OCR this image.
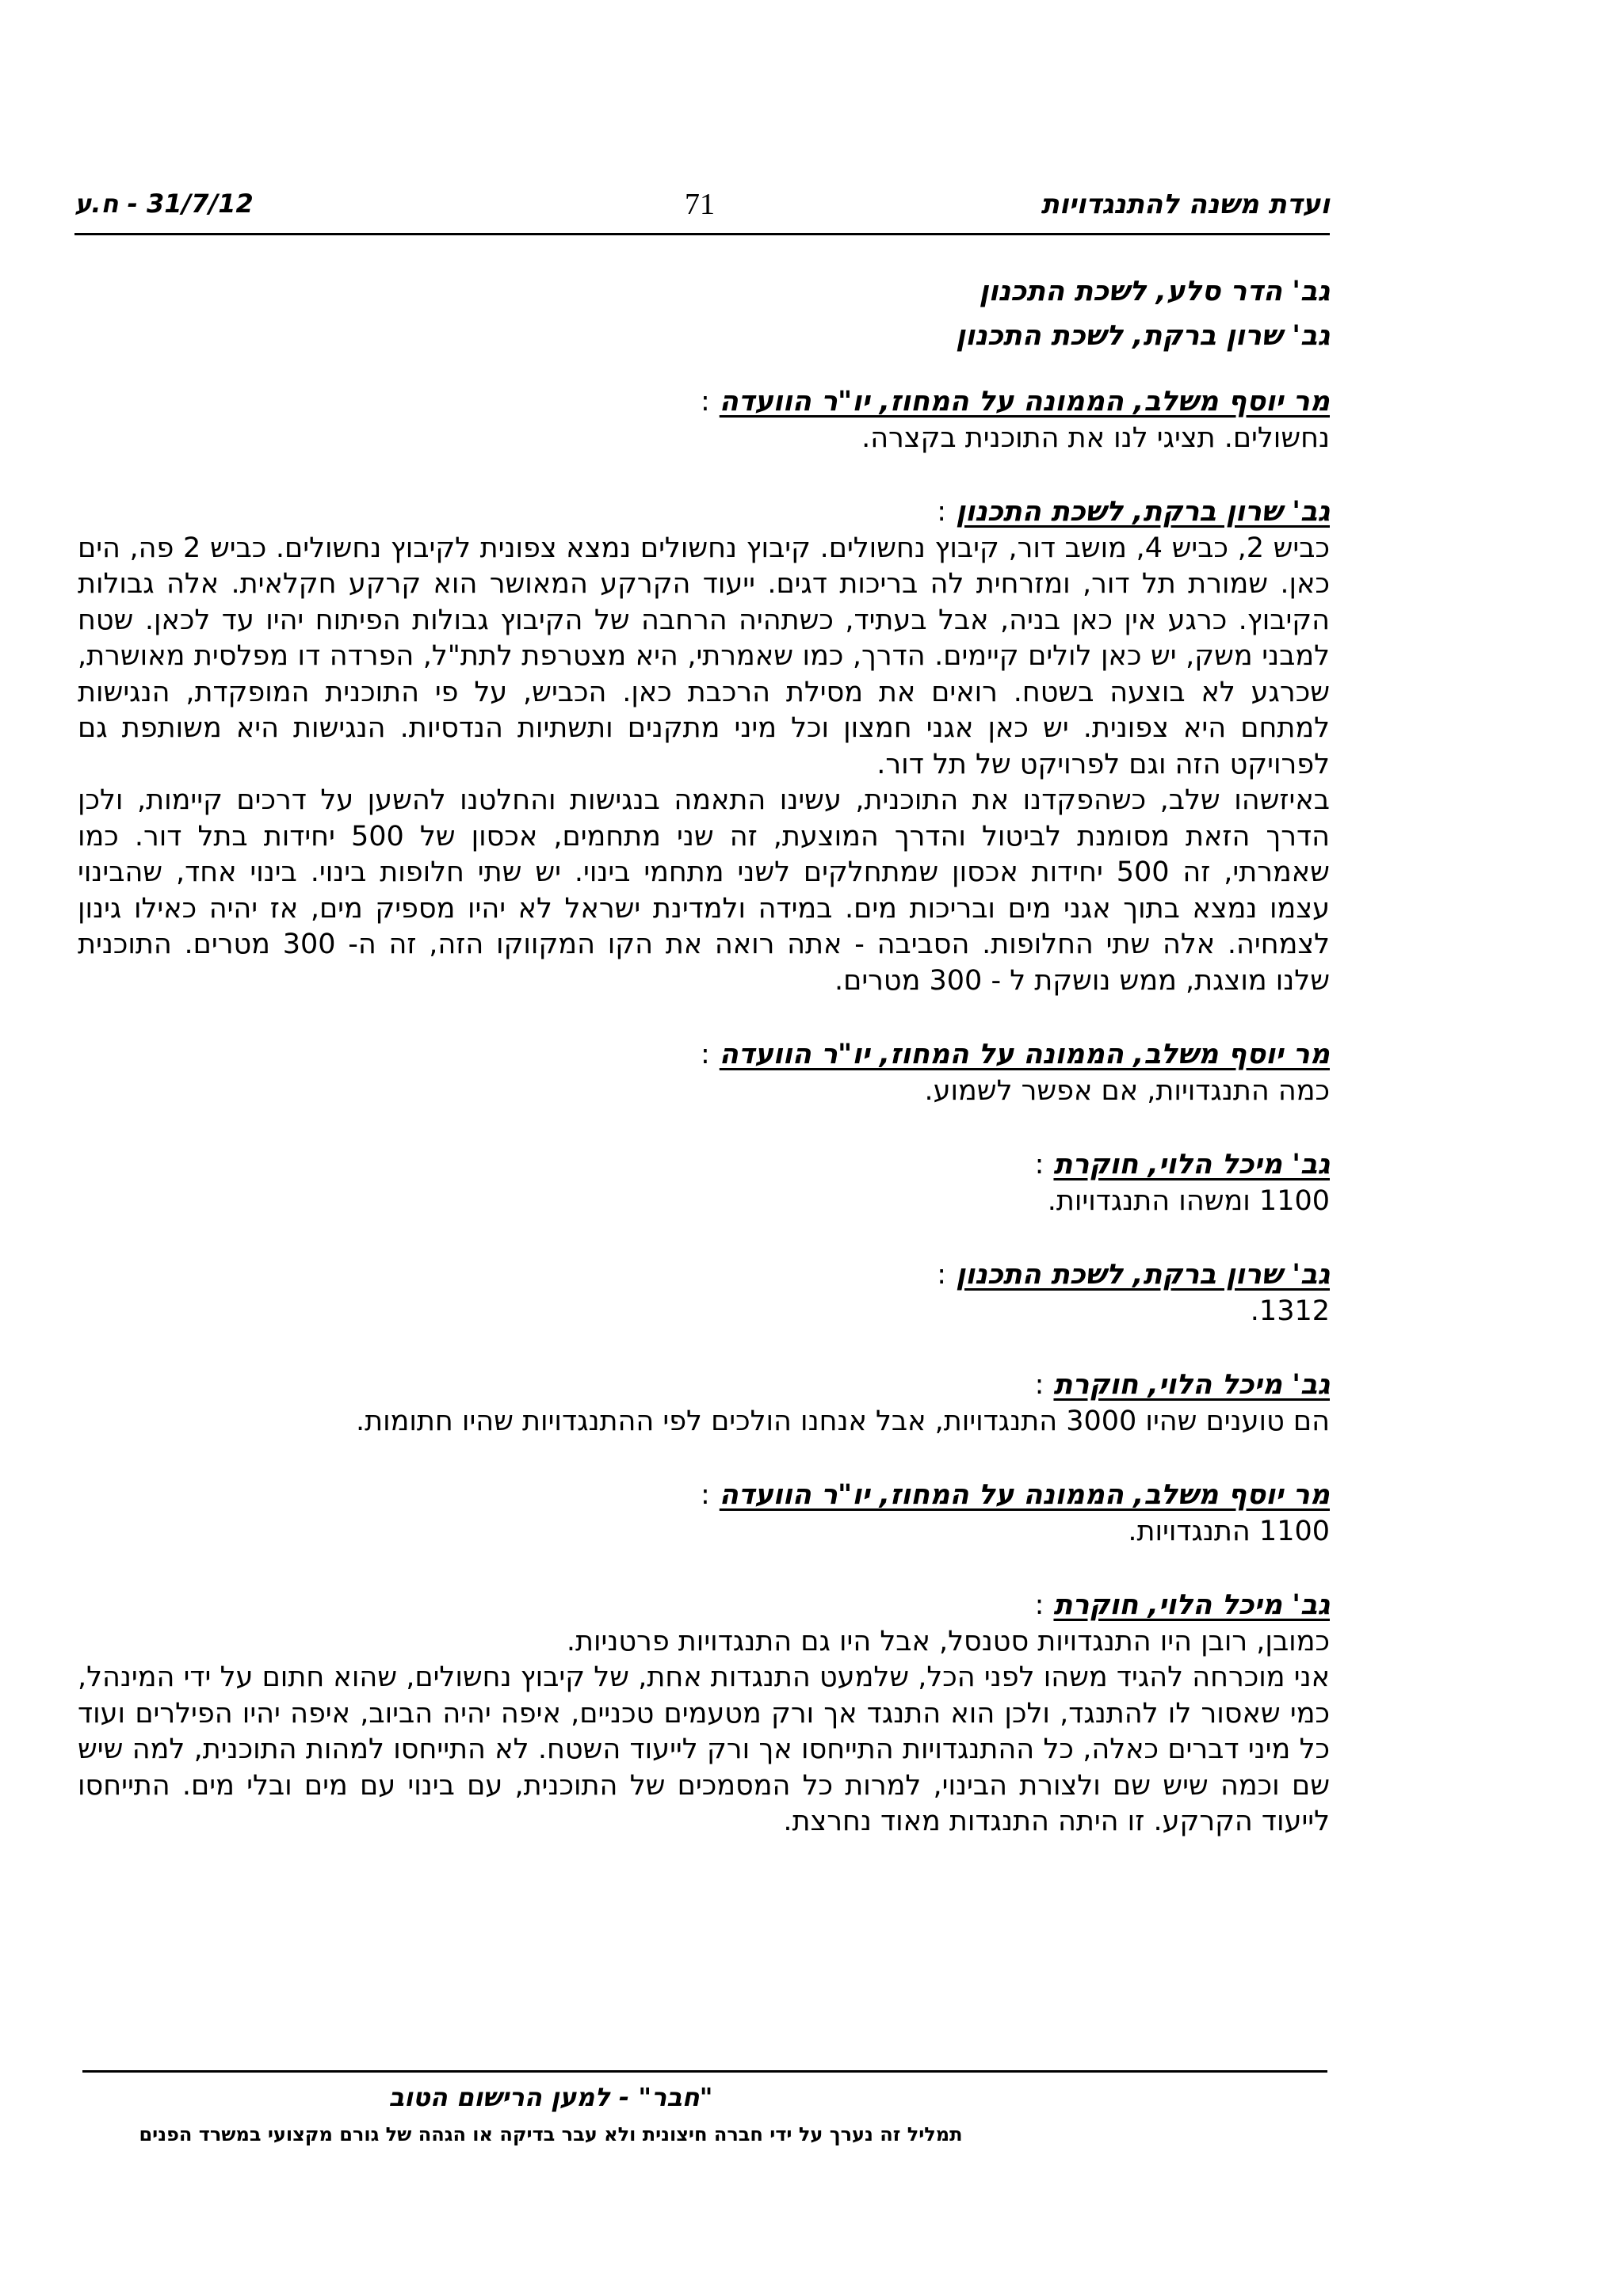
ועדת משנה להתנגדויות
71
31/7/12 - ח.ע
גב' הדר סלע, לשכת התכנון
גב' שרון ברקת, לשכת התכנון
מר יוסף משלב, הממונה על המחוז, יו"ר הוועדה:

נחשולים. תציגי לנו את התוכנית בקצרה.

גב' שרון ברקת, לשכת התכנון:

כביש 2, כביש 4, מושב דור, קיבוץ נחשולים. קיבוץ נחשולים נמצא צפונית לקיבוץ נחשולים. כביש 2 פה, הים כאן. שמורת תל דור, ומזרחית לה בריכות דגים. ייעוד הקרקע המאושר הוא קרקע חקלאית. אלה גבולות הקיבוץ. כרגע אין כאן בניה, אבל בעתיד, כשתהיה הרחבה של הקיבוץ גבולות הפיתוח יהיו עד לכאן. שטח למבני משק, יש כאן לולים קיימים. הדרך, כמו שאמרתי, היא מצטרפת לתת"ל, הפרדה דו מפלסית מאושרת, שכרגע לא בוצעה בשטח. רואים את מסילת הרכבת כאן. הכביש, על פי התוכנית המופקדת, הנגישות למתחם היא צפונית. יש כאן אגני חמצון וכל מיני מתקנים ותשתיות הנדסיות. הנגישות היא משותפת גם לפרויקט הזה וגם לפרויקט של תל דור.

באיזשהו שלב, כשהפקדנו את התוכנית, עשינו התאמה בנגישות והחלטנו להשען על דרכים קיימות, ולכן הדרך הזאת מסומנת לביטול והדרך המוצעת, זה שני מתחמים, אכסון של 500 יחידות בתל דור. כמו שאמרתי, זה 500 יחידות אכסון שמתחלקים לשני מתחמי בינוי. יש שתי חלופות בינוי. בינוי אחד, שהבינוי עצמו נמצא בתוך אגני מים ובריכות מים. במידה ולמדינת ישראל לא יהיו מספיק מים, אז יהיה כאילו גינון לצמחיה. אלה שתי החלופות. הסביבה - אתה רואה את הקו המקווקו הזה, זה ה- 300 מטרים. התוכנית שלנו מוצגת, ממש נושקת ל - 300 מטרים.

מר יוסף משלב, הממונה על המחוז, יו"ר הוועדה:

כמה התנגדויות, אם אפשר לשמוע.

גב' מיכל הלוי, חוקרת:

1100 ומשהו התנגדויות.

גב' שרון ברקת, לשכת התכנון:

1312.

גב' מיכל הלוי, חוקרת:

הם טוענים שהיו 3000 התנגדויות, אבל אנחנו הולכים לפי ההתנגדויות שהיו חתומות.

מר יוסף משלב, הממונה על המחוז, יו"ר הוועדה:

1100 התנגדויות.

גב' מיכל הלוי, חוקרת:

כמובן, רובן היו התנגדויות סטנסל, אבל היו גם התנגדויות פרטניות.

אני מוכרחה להגיד משהו לפני הכל, שלמעט התנגדות אחת, של קיבוץ נחשולים, שהוא חתום על ידי המינהל, כמי שאסור לו להתנגד, ולכן הוא התנגד אך ורק מטעמים טכניים, איפה יהיה הביוב, איפה יהיו הפילרים ועוד כל מיני דברים כאלה, כל ההתנגדויות התייחסו אך ורק לייעוד השטח. לא התייחסו למהות התוכנית, למה שיש שם וכמה שיש שם ולצורת הבינוי, למרות כל המסמכים של התוכנית, עם בינוי עם מים ובלי מים. התייחסו לייעוד הקרקע. זו היתה התנגדות מאוד נחרצת.

"חבר" - למען הרישום הטוב
תמליל זה נערך על ידי חברה חיצונית ולא עבר בדיקה או הגהה של גורם מקצועי במשרד הפנים
